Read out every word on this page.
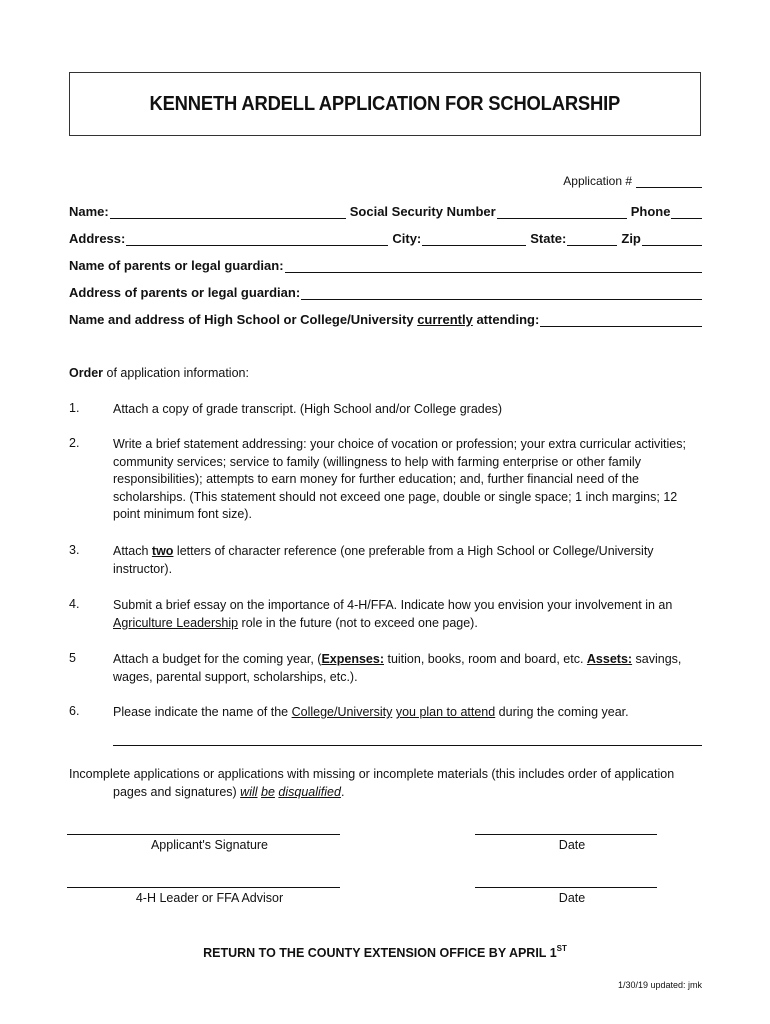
KENNETH ARDELL APPLICATION FOR SCHOLARSHIP
Application #
Name:	Social Security Number	Phone
Address:	City:	State:	Zip
Name of parents or legal guardian:
Address of parents or legal guardian:
Name and address of High School or College/University currently attending:
Order of application information:
1.	Attach a copy of grade transcript. (High School and/or College grades)
2.	Write a brief statement addressing: your choice of vocation or profession; your extra curricular activities; community services; service to family (willingness to help with farming enterprise or other family responsibilities); attempts to earn money for further education; and, further financial need of the scholarships. (This statement should not exceed one page, double or single space; 1 inch margins; 12 point minimum font size).
3.	Attach two letters of character reference (one preferable from a High School or College/University instructor).
4.	Submit a brief essay on the importance of 4-H/FFA. Indicate how you envision your involvement in an Agriculture Leadership role in the future (not to exceed one page).
5	Attach a budget for the coming year, (Expenses: tuition, books, room and board, etc. Assets: savings, wages, parental support, scholarships, etc.).
6.	Please indicate the name of the College/University you plan to attend during the coming year.
Incomplete applications or applications with missing or incomplete materials (this includes order of application
pages and signatures) will be disqualified.
Applicant's Signature	Date
4-H Leader or FFA Advisor	Date
RETURN TO THE COUNTY EXTENSION OFFICE BY APRIL 1ST
1/30/19 updated: jmk
